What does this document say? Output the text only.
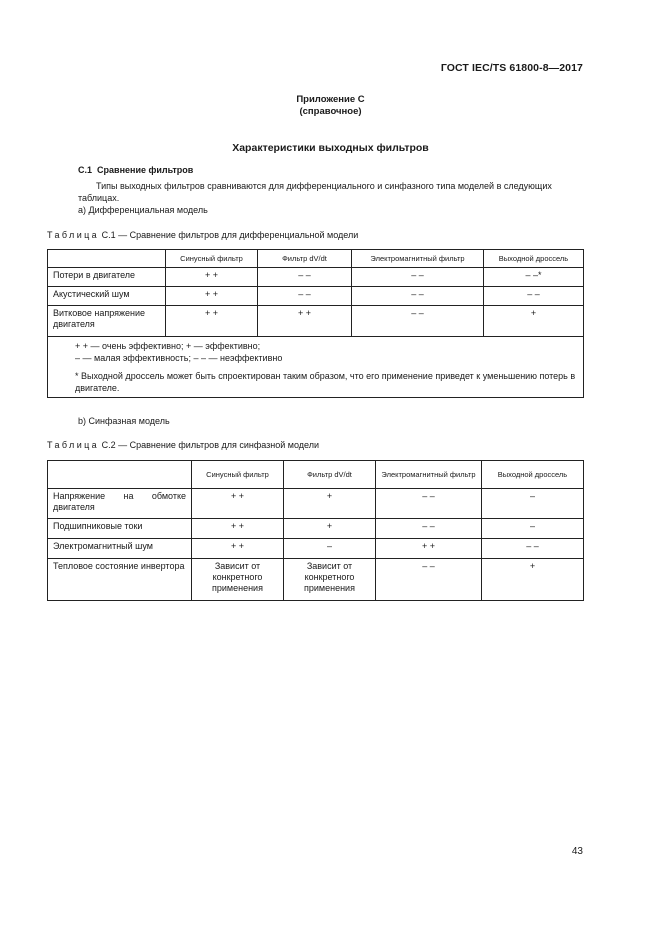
ГОСТ IEC/TS 61800-8—2017
Приложение С
(справочное)
Характеристики выходных фильтров
С.1 Сравнение фильтров
Типы выходных фильтров сравниваются для дифференциального и синфазного типа моделей в следующих таблицах.
а) Дифференциальная модель
Таблица С.1 — Сравнение фильтров для дифференциальной модели
	Синусный фильтр	Фильтр dV/dt	Электромагнитный фильтр	Выходной дроссель
Потери в двигателе	+ +	– –	– –	– –*
Акустический шум	+ +	– –	– –	– –
Витковое напряжение двигателя	+ +	+ +	– –	+

+ + — очень эффективно; + — эффективно;
– — малая эффективность; – – — неэффективно
* Выходной дроссель может быть спроектирован таким образом, что его применение приведет к уменьшению потерь в двигателе.				
b) Синфазная модель
Таблица С.2 — Сравнение фильтров для синфазной модели
	Синусный фильтр	Фильтр dV/dt	Электромагнитный фильтр	Выходной дроссель
Напряжение на обмотке двигателя	+ +	+	– –	–
Подшипниковые токи	+ +	+	– –	–
Электромагнитный шум	+ +	–	+ +	– –
Тепловое состояние инвертора	Зависит от конкретного применения	Зависит от конкретного применения	– –	+
43
